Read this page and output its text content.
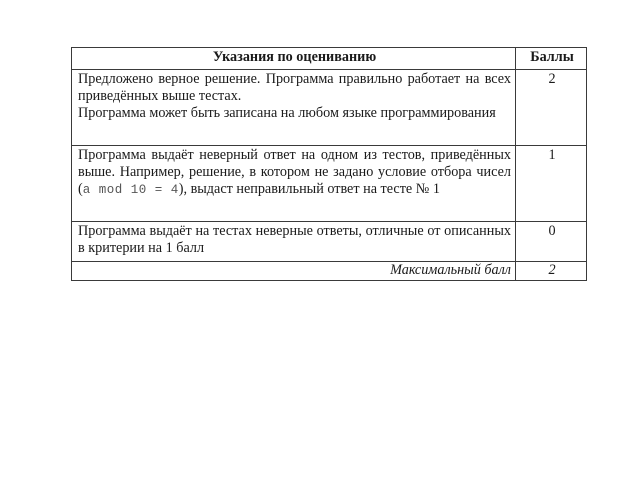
Указания по оцениванию	Баллы

Предложено верное решение. Программа правильно работает на всех приведённых выше тестах.
Программа может быть записана на любом языке программирования	2
Программа выдаёт неверный ответ на одном из тестов, приведённых выше. Например, решение, в котором не задано условие отбора чисел (a mod 10 = 4), выдаст неправильный ответ на тесте № 1	1
Программа выдаёт на тестах неверные ответы, отличные от описанных в критерии на 1 балл	0
Максимальный балл	2
